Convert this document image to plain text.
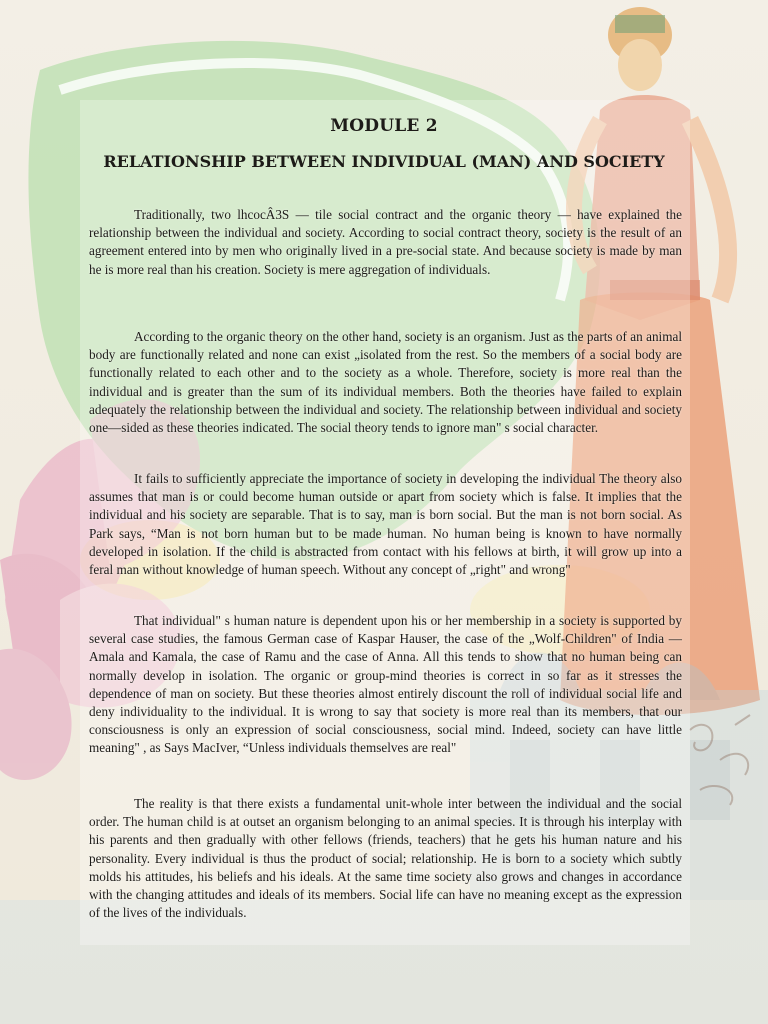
MODULE 2
RELATIONSHIP BETWEEN INDIVIDUAL (MAN) AND SOCIETY

Traditionally, two lhcocÂ3S — tile social contract and the organic theory — have explained the relationship between the individual and society. According to social contract theory, society is the result of an agreement entered into by men who originally lived in a pre-social state. And because society is made by man he is more real than his creation. Society is mere aggregation of individuals.

According to the organic theory on the other hand, society is an organism. Just as the parts of an animal body are functionally related and none can exist „isolated from the rest. So the members of a social body are functionally related to each other and to the society as a whole. Therefore, society is more real than the individual and is greater than the sum of its individual members. Both the theories have failed to explain adequately the relationship between the individual and society. The relationship between individual and society one—sided as these theories indicated. The social theory tends to ignore man" s social character.

It fails to sufficiently appreciate the importance of society in developing the individual The theory also assumes that man is or could become human outside or apart from society which is false. It implies that the individual and his society are separable. That is to say, man is born social. But the man is not born social. As Park says, “Man is not born human but to be made human. No human being is known to have normally developed in isolation. If the child is abstracted from contact with his fellows at birth, it will grow up into a feral man without knowledge of human speech. Without any concept of „right" and wrong"

That individual" s human nature is dependent upon his or her membership in a society is supported by several case studies, the famous German case of Kaspar Hauser, the case of the „Wolf-Children" of India — Amala and Kamala, the case of Ramu and the case of Anna. All this tends to show that no human being can normally develop in isolation. The organic or group-mind theories is correct in so far as it stresses the dependence of man on society. But these theories almost entirely discount the roll of individual social life and deny individuality to the individual. It is wrong to say that society is more real than its members, that our consciousness is only an expression of social consciousness, social mind. Indeed, society can have little meaning" , as Says MacIver, “Unless individuals themselves are real"

The reality is that there exists a fundamental unit-whole inter between the individual and the social order. The human child is at outset an organism belonging to an animal species. It is through his interplay with his parents and then gradually with other fellows (friends, teachers) that he gets his human nature and his personality. Every individual is thus the product of social; relationship. He is born to a society which subtly molds his attitudes, his beliefs and his ideals. At the same time society also grows and changes in accordance with the changing attitudes and ideals of its members. Social life can have no meaning except as the expression of the lives of the individuals.
